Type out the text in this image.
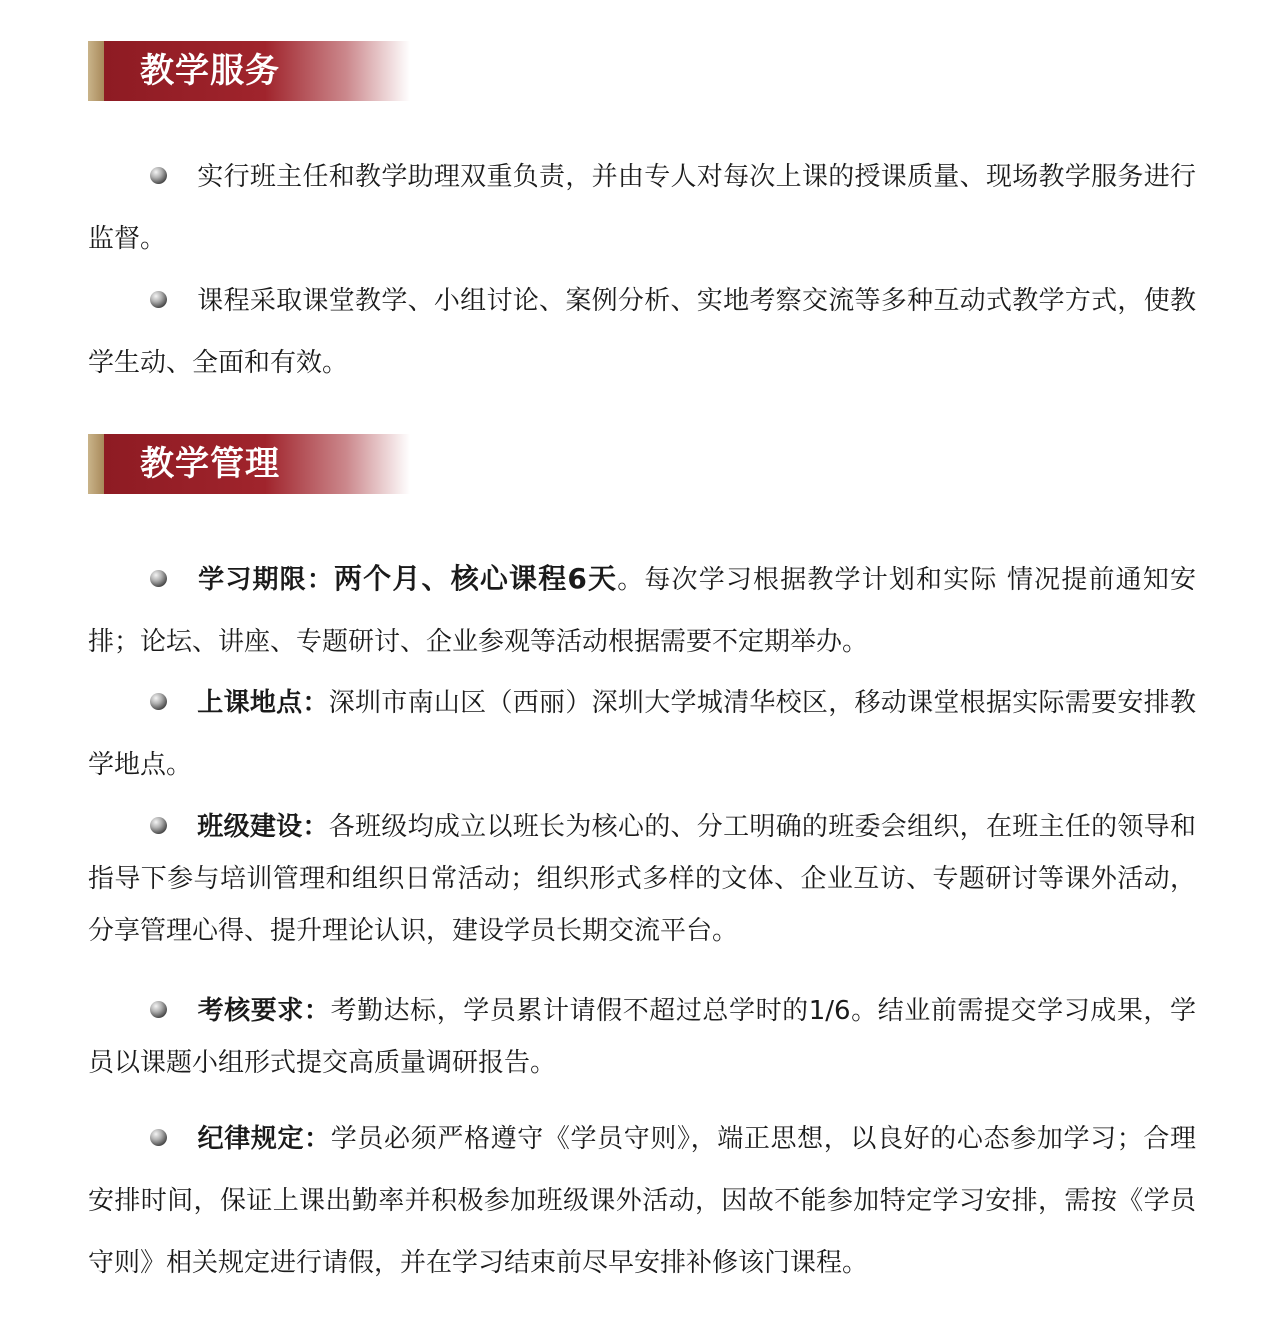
教学服务

实行班主任和教学助理双重负责，并由专人对每次上课的授课质量、现场教学服务进行监督。

课程采取课堂教学、小组讨论、案例分析、实地考察交流等多种互动式教学方式，使教学生动、全面和有效。

教学管理

学习期限：两个月、核心课程6天。每次学习根据教学计划和实际 情况提前通知安排；论坛、讲座、专题研讨、企业参观等活动根据需要不定期举办。

上课地点：深圳市南山区（西丽）深圳大学城清华校区，移动课堂根据实际需要安排教学地点。

班级建设：各班级均成立以班长为核心的、分工明确的班委会组织，在班主任的领导和指导下参与培训管理和组织日常活动；组织形式多样的文体、企业互访、专题研讨等课外活动，分享管理心得、提升理论认识，建设学员长期交流平台。

考核要求：考勤达标，学员累计请假不超过总学时的1/6。结业前需提交学习成果，学员以课题小组形式提交高质量调研报告。

纪律规定：学员必须严格遵守《学员守则》，端正思想，以良好的心态参加学习；合理安排时间，保证上课出勤率并积极参加班级课外活动，因故不能参加特定学习安排，需按《学员守则》相关规定进行请假，并在学习结束前尽早安排补修该门课程。
